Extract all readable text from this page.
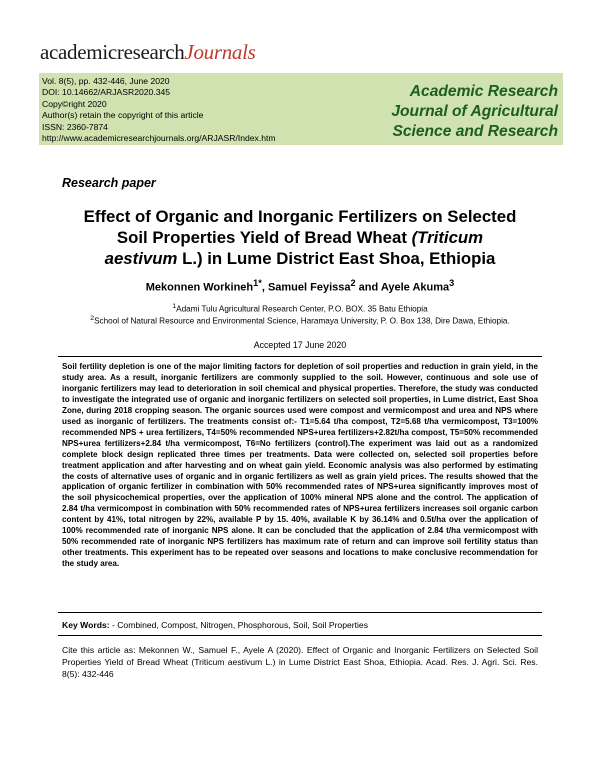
academicresearchJournals
Vol. 8(5), pp. 432-446, June 2020
DOI: 10.14662/ARJASR2020.345
Copy©right 2020
Author(s) retain the copyright of this article
ISSN: 2360-7874
http://www.academicresearchjournals.org/ARJASR/Index.htm
Academic Research
Journal of Agricultural
Science and Research
Research paper
Effect of Organic and Inorganic Fertilizers on Selected
Soil Properties Yield of Bread Wheat (Triticum
aestivum L.) in Lume District East Shoa, Ethiopia
Mekonnen Workineh$^{1*}$, Samuel Feyissa$^2$ and Ayele Akuma$^3$
$^1$Adami Tulu Agricultural Research Center, P.O. BOX. 35 Batu Ethiopia
$^2$School of Natural Resource and Environmental Science, Haramaya University, P. O. Box 138, Dire Dawa, Ethiopia.
Accepted 17 June 2020
Soil fertility depletion is one of the major limiting factors for depletion of soil properties and reduction in grain yield, in the study area. As a result, inorganic fertilizers are commonly supplied to the soil. However, continuous and sole use of inorganic fertilizers may lead to deterioration in soil chemical and physical properties. Therefore, the study was conducted to investigate the integrated use of organic and inorganic fertilizers on selected soil properties, in Lume district, East Shoa Zone, during 2018 cropping season. The organic sources used were compost and vermicompost and urea and NPS where used as inorganic of fertilizers. The treatments consist of:- T1=5.64 t/ha compost, T2=5.68 t/ha vermicompost, T3=100% recommended NPS + urea fertilizers, T4=50% recommended NPS+urea fertilizers+2.82t/ha compost, T5=50% recommended NPS+urea fertilizers+2.84 t/ha vermicompost, T6=No fertilizers (control).The experiment was laid out as a randomized complete block design replicated three times per treatments. Data were collected on, selected soil properties before treatment application and after harvesting and on wheat gain yield. Economic analysis was also performed by estimating the costs of alternative uses of organic and in organic fertilizers as well as grain yield prices. The results showed that the application of organic fertilizer in combination with 50% recommended rates of NPS+urea significantly improves most of the soil physicochemical properties, over the application of 100% mineral NPS alone and the control. The application of 2.84 t/ha vermicompost in combination with 50% recommended rates of NPS+urea fertilizers increases soil organic carbon content by 41%, total nitrogen by 22%, available P by 15. 40%, available K by 36.14% and 0.5t/ha over the application of 100% recommended rate of inorganic NPS alone. It can be concluded that the application of 2.84 t/ha vermicompost with 50% recommended rate of inorganic NPS fertilizers has maximum rate of return and can improve soil fertility status than other treatments. This experiment has to be repeated over seasons and locations to make conclusive recommendation for the study area.
Key Words: - Combined, Compost, Nitrogen, Phosphorous, Soil, Soil Properties
Cite this article as: Mekonnen W., Samuel F., Ayele A (2020). Effect of Organic and Inorganic Fertilizers on Selected Soil Properties Yield of Bread Wheat (Triticum aestivum L.) in Lume District East Shoa, Ethiopia. Acad. Res. J. Agri. Sci. Res. 8(5): 432-446
